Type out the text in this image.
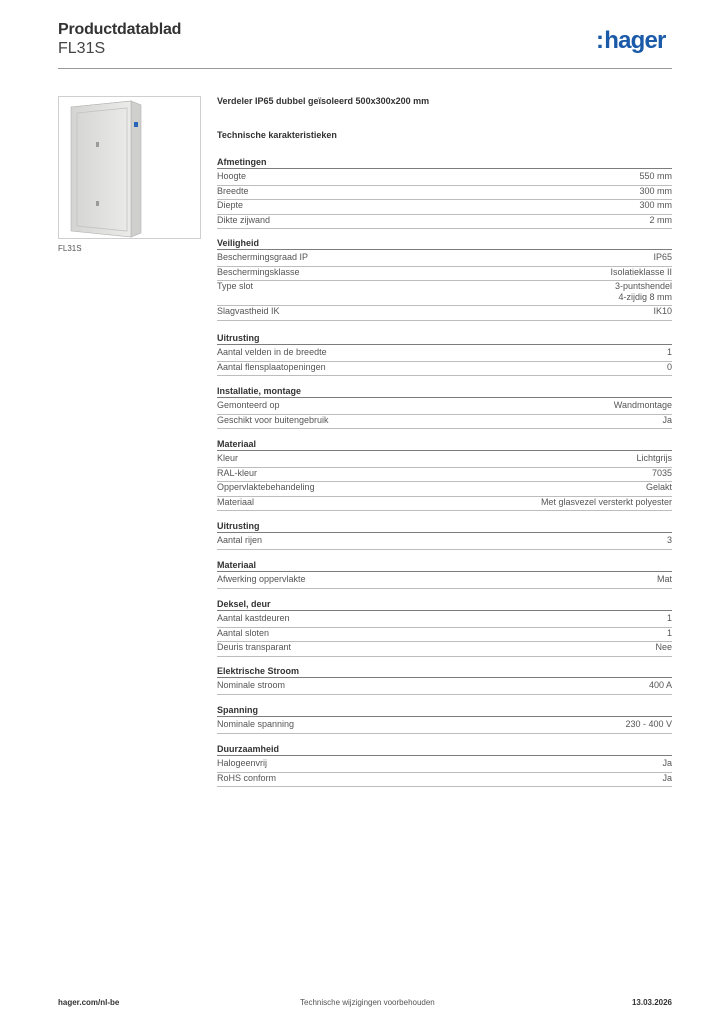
Productdatablad
FL31S	:hager
FL31S
Verdeler IP65 dubbel geïsoleerd 500x300x200 mm
Technische karakteristieken
Afmetingen
Hoogte	550 mm
Breedte	300 mm
Diepte	300 mm
Dikte zijwand	2 mm
Veiligheid
Beschermingsgraad IP	IP65
Beschermingsklasse	Isolatieklasse II
Type slot	3-puntshendel
4-zijdig 8 mm
Slagvastheid IK	IK10
Uitrusting
Aantal velden in de breedte	1
Aantal flensplaatopeningen	0
Installatie, montage
Gemonteerd op	Wandmontage
Geschikt voor buitengebruik	Ja
Materiaal
Kleur	Lichtgrijs
RAL-kleur	7035
Oppervlaktebehandeling	Gelakt
Materiaal	Met glasvezel versterkt polyester
Uitrusting
Aantal rijen	3
Materiaal
Afwerking oppervlakte	Mat
Deksel, deur
Aantal kastdeuren	1
Aantal sloten	1
Deuris transparant	Nee
Elektrische Stroom
Nominale stroom	400 A
Spanning
Nominale spanning	230 - 400 V
Duurzaamheid
Halogeenvrij	Ja
RoHS conform	Ja
hager.com/nl-be	Technische wijzigingen voorbehouden	13.03.2026
